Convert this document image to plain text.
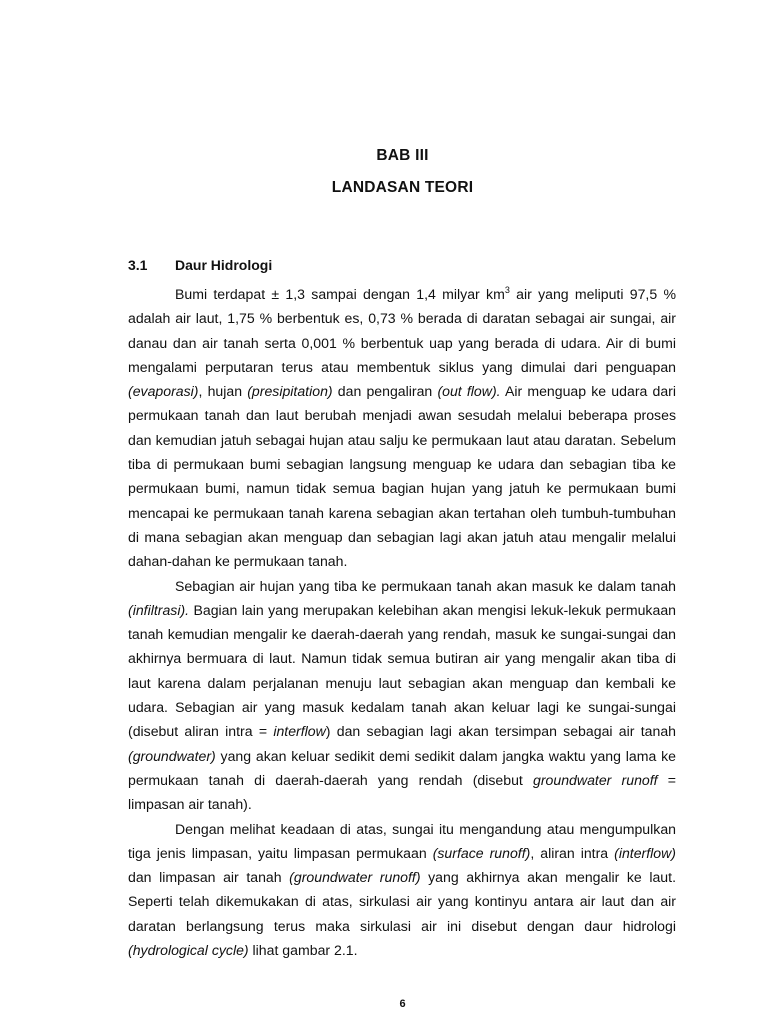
BAB III
LANDASAN TEORI
3.1 Daur Hidrologi

Bumi terdapat ± 1,3 sampai dengan 1,4 milyar $km^3$ air yang meliputi 97,5 % adalah air laut, 1,75 % berbentuk es, 0,73 % berada di daratan sebagai air sungai, air danau dan air tanah serta 0,001 % berbentuk uap yang berada di udara. Air di bumi mengalami perputaran terus atau membentuk siklus yang dimulai dari penguapan (evaporasi), hujan (presipitation) dan pengaliran (out flow). Air menguap ke udara dari permukaan tanah dan laut berubah menjadi awan sesudah melalui beberapa proses dan kemudian jatuh sebagai hujan atau salju ke permukaan laut atau daratan. Sebelum tiba di permukaan bumi sebagian langsung menguap ke udara dan sebagian tiba ke permukaan bumi, namun tidak semua bagian hujan yang jatuh ke permukaan bumi mencapai ke permukaan tanah karena sebagian akan tertahan oleh tumbuh-tumbuhan di mana sebagian akan menguap dan sebagian lagi akan jatuh atau mengalir melalui dahan-dahan ke permukaan tanah.

Sebagian air hujan yang tiba ke permukaan tanah akan masuk ke dalam tanah (infiltrasi). Bagian lain yang merupakan kelebihan akan mengisi lekuk-lekuk permukaan tanah kemudian mengalir ke daerah-daerah yang rendah, masuk ke sungai-sungai dan akhirnya bermuara di laut. Namun tidak semua butiran air yang mengalir akan tiba di laut karena dalam perjalanan menuju laut sebagian akan menguap dan kembali ke udara. Sebagian air yang masuk kedalam tanah akan keluar lagi ke sungai-sungai (disebut aliran intra = interflow) dan sebagian lagi akan tersimpan sebagai air tanah (groundwater) yang akan keluar sedikit demi sedikit dalam jangka waktu yang lama ke permukaan tanah di daerah-daerah yang rendah (disebut groundwater runoff = limpasan air tanah).

Dengan melihat keadaan di atas, sungai itu mengandung atau mengumpulkan tiga jenis limpasan, yaitu limpasan permukaan (surface runoff), aliran intra (interflow) dan limpasan air tanah (groundwater runoff) yang akhirnya akan mengalir ke laut. Seperti telah dikemukakan di atas, sirkulasi air yang kontinyu antara air laut dan air daratan berlangsung terus maka sirkulasi air ini disebut dengan daur hidrologi (hydrological cycle) lihat gambar 2.1.

6
